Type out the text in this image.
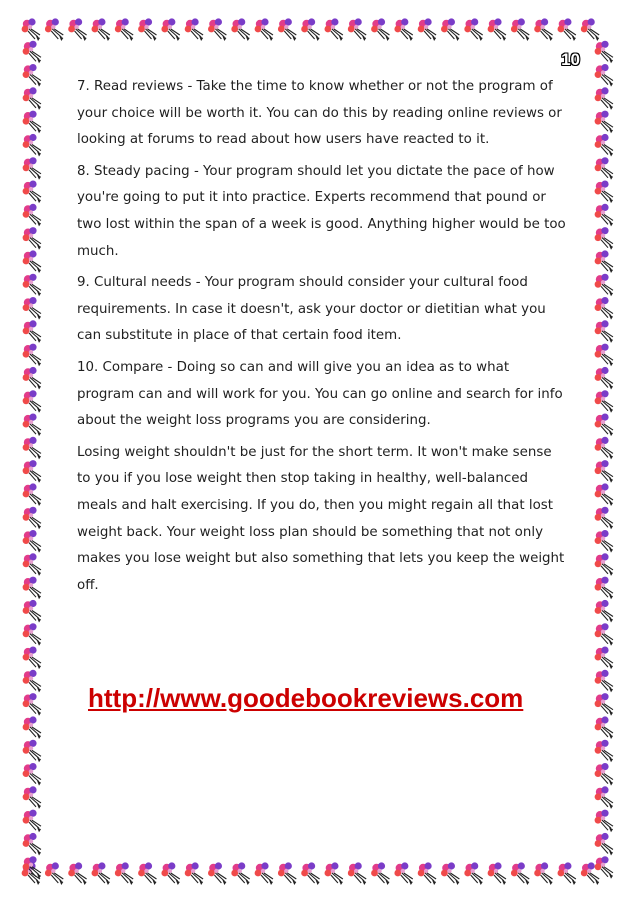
10

7. Read reviews - Take the time to know whether or not the program of your choice will be worth it. You can do this by reading online reviews or looking at forums to read about how users have reacted to it.

8. Steady pacing - Your program should let you dictate the pace of how you're going to put it into practice. Experts recommend that pound or two lost within the span of a week is good. Anything higher would be too much.

9. Cultural needs - Your program should consider your cultural food requirements. In case it doesn't, ask your doctor or dietitian what you can substitute in place of that certain food item.

10. Compare - Doing so can and will give you an idea as to what program can and will work for you. You can go online and search for info about the weight loss programs you are considering.

Losing weight shouldn't be just for the short term. It won't make sense to you if you lose weight then stop taking in healthy, well-balanced meals and halt exercising. If you do, then you might regain all that lost weight back. Your weight loss plan should be something that not only makes you lose weight but also something that lets you keep the weight off.

http://www.goodebookreviews.com
